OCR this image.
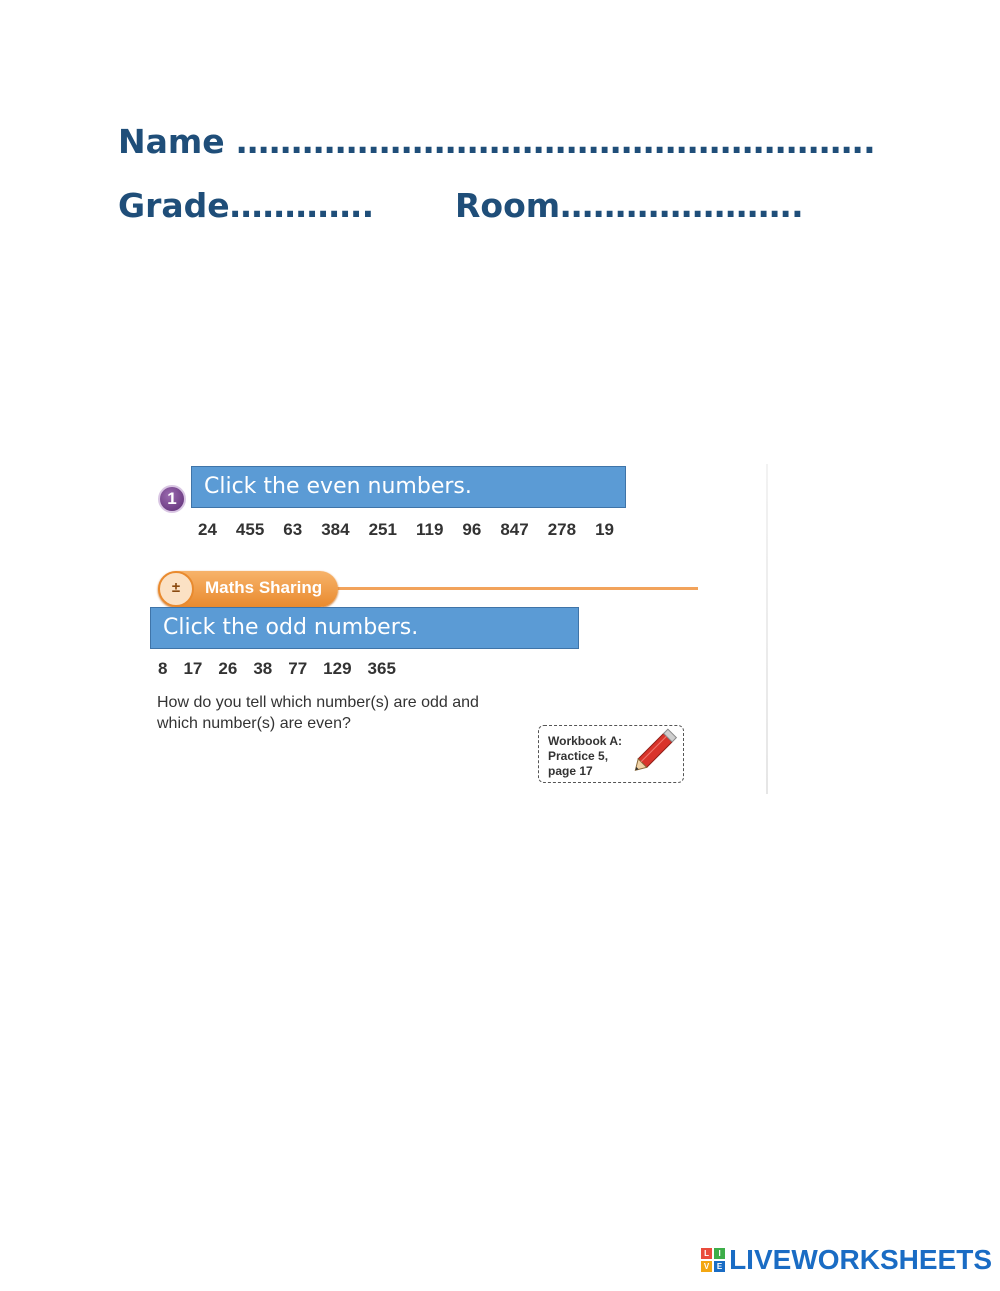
Name ………………………………………………….
Grade…………. Room………………….
1	Click the even numbers.
24 455 63 384 251 119 96 847 278 19
±	Maths Sharing
Click the odd numbers.
8 17 26 38 77 129 365
How do you tell which number(s) are odd and which number(s) are even?
Workbook A:
Practice 5,
page 17
L	I
V E LIVEWORKSHEETS
